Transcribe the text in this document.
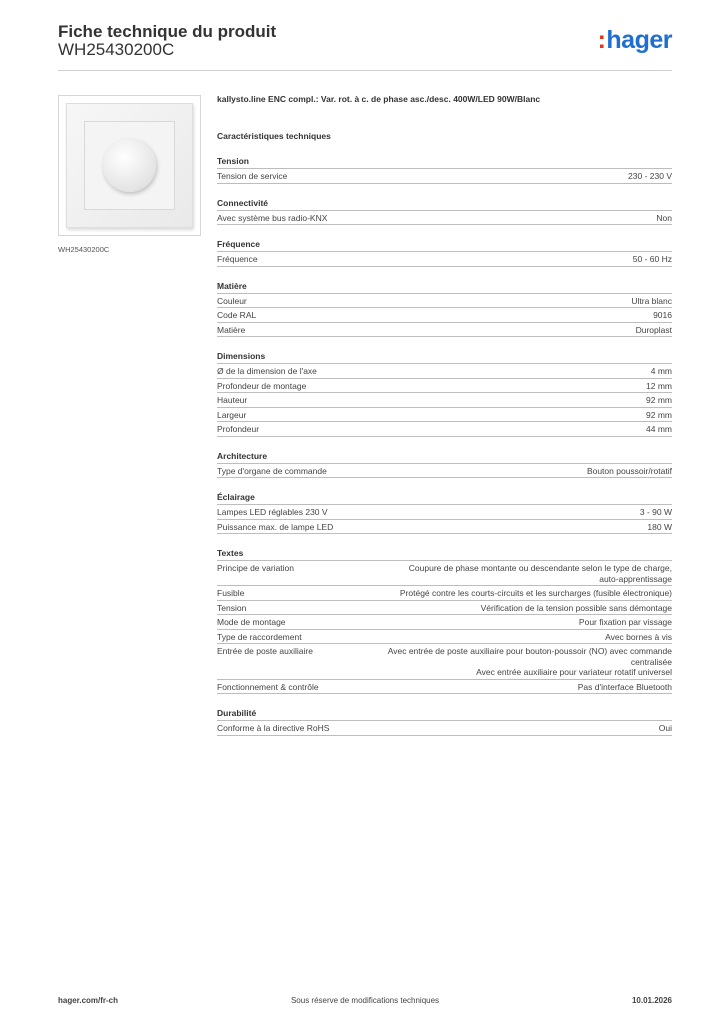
Fiche technique du produit
WH25430200C	:hager
WH25430200C
kallysto.line ENC compl.: Var. rot. à c. de phase asc./desc. 400W/LED 90W/Blanc
Caractéristiques techniques
Tension
Tension de service	230 - 230 V
Connectivité
Avec système bus radio-KNX	Non
Fréquence
Fréquence	50 - 60 Hz
Matière
Couleur	Ultra blanc
Code RAL	9016
Matière	Duroplast
Dimensions
Ø de la dimension de l'axe	4 mm
Profondeur de montage	12 mm
Hauteur	92 mm
Largeur	92 mm
Profondeur	44 mm
Architecture
Type d'organe de commande	Bouton poussoir/rotatif
Éclairage
Lampes LED réglables 230 V	3 - 90 W
Puissance max. de lampe LED	180 W
Textes
Principe de variation	Coupure de phase montante ou descendante selon le type de charge,
auto-apprentissage
Fusible	Protégé contre les courts-circuits et les surcharges (fusible électronique)
Tension	Vérification de la tension possible sans démontage
Mode de montage	Pour fixation par vissage
Type de raccordement	Avec bornes à vis
Entrée de poste auxiliaire	Avec entrée de poste auxiliaire pour bouton-poussoir (NO) avec commande
centralisée
Avec entrée auxiliaire pour variateur rotatif universel
Fonctionnement & contrôle	Pas d'interface Bluetooth
Durabilité
Conforme à la directive RoHS	Oui
hager.com/fr-ch	Sous réserve de modifications techniques	10.01.2026
